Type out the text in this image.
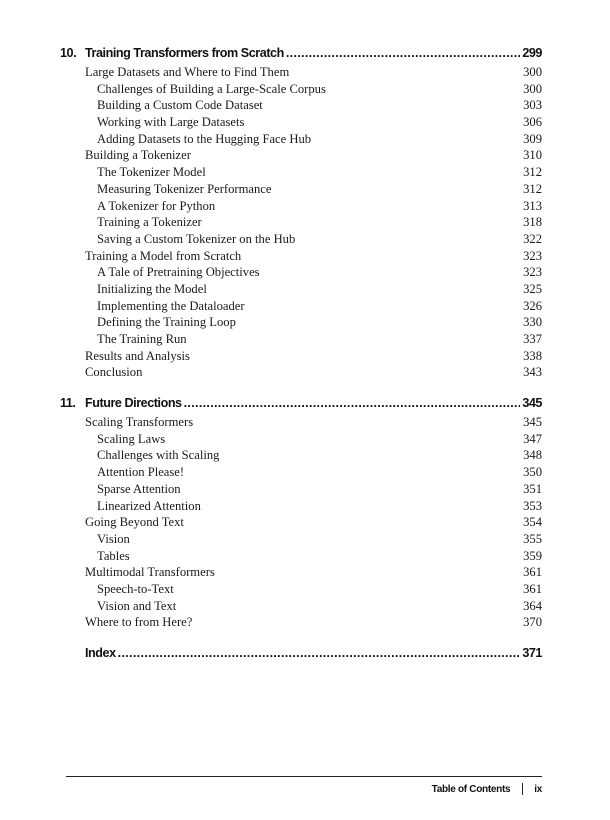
10. Training Transformers from Scratch . . .	299
Large Datasets and Where to Find Them	300
Challenges of Building a Large-Scale Corpus	300
Building a Custom Code Dataset	303
Working with Large Datasets	306
Adding Datasets to the Hugging Face Hub	309
Building a Tokenizer	310
The Tokenizer Model	312
Measuring Tokenizer Performance	312
A Tokenizer for Python	313
Training a Tokenizer	318
Saving a Custom Tokenizer on the Hub	322
Training a Model from Scratch	323
A Tale of Pretraining Objectives	323
Initializing the Model	325
Implementing the Dataloader	326
Defining the Training Loop	330
The Training Run	337
Results and Analysis	338
Conclusion	343
11. Future Directions . . .	345
Scaling Transformers	345
Scaling Laws	347
Challenges with Scaling	348
Attention Please!	350
Sparse Attention	351
Linearized Attention	353
Going Beyond Text	354
Vision	355
Tables	359
Multimodal Transformers	361
Speech-to-Text	361
Vision and Text	364
Where to from Here?	370
Index . . .	371
Table of Contents ix
